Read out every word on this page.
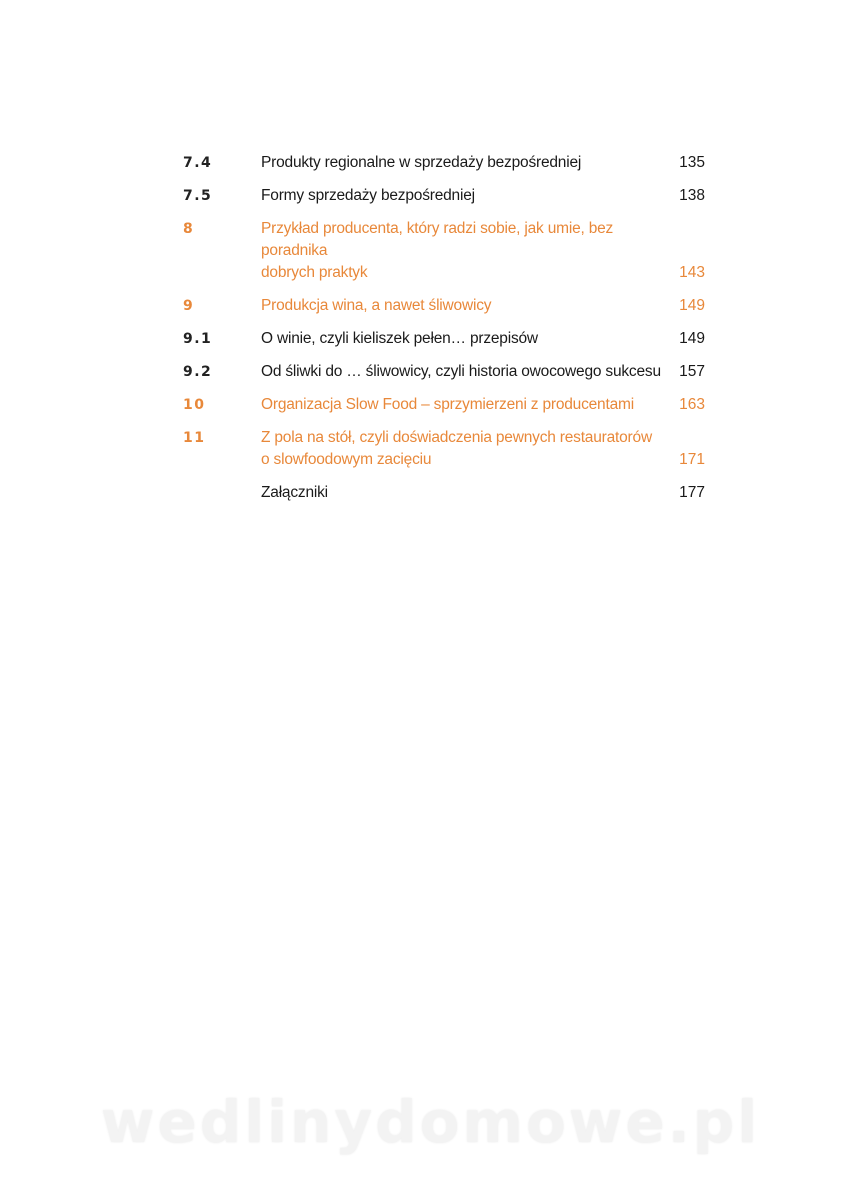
7.4	Produkty regionalne w sprzedaży bezpośredniej	135
7.5	Formy sprzedaży bezpośredniej	138
8	Przykład producenta, który radzi sobie, jak umie, bez poradnika
dobrych praktyk	143
9	Produkcja wina, a nawet śliwowicy	149
9.1	O winie, czyli kieliszek pełen… przepisów	149
9.2	Od śliwki do … śliwowicy, czyli historia owocowego sukcesu	157
10	Organizacja Slow Food – sprzymierzeni z producentami	163
11	Z pola na stół, czyli doświadczenia pewnych restauratorów
o slowfoodowym zacięciu	171
Załączniki	177
wedlinydomowe.pl
